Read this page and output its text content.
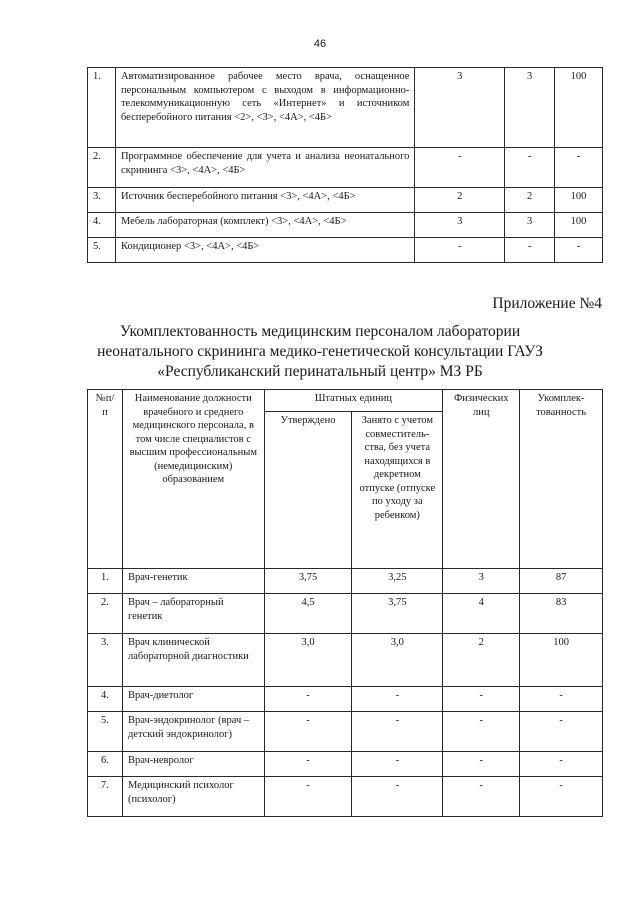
46
1.	Автоматизированное рабочее место врача, оснащенное персональным компьютером с выходом в информационно-телекоммуникационную сеть «Интернет» и источником бесперебойного питания <2>, <3>, <4А>, <4Б>	3	3	100
2.	Программное обеспечение для учета и анализа неонатального скрининга <3>, <4А>, <4Б>	-	-	-
3.	Источник бесперебойного питания <3>, <4А>, <4Б>	2	2	100
4.	Мебель лабораторная (комплект) <3>, <4А>, <4Б>	3	3	100
5.	Кондиционер <3>, <4А>, <4Б>	-	-	-
Приложение №4
Укомплектованность медицинским персоналом лаборатории
неонатального скрининга медико-генетической консультации ГАУЗ
«Республиканский перинатальный центр» МЗ РБ
№п/п	Наименование должности врачебного и среднего медицинского персонала, в том числе специалистов с высшим профессиональным (немедицинским) образованием	Штатных единиц		Физических лиц	Укомплек-тованность
		Утверждено	Занято с учетом совместитель-ства, без учета находящихся в декретном отпуске (отпуске по уходу за ребенком)		
1.	Врач-генетик	3,75	3,25	3	87
2.	Врач – лабораторный генетик	4,5	3,75	4	83
3.	Врач клинической лабораторной диагностики	3,0	3,0	2	100
4.	Врач-диетолог	-	-	-	-
5.	Врач-эндокринолог (врач – детский эндокринолог)	-	-	-	-
6.	Врач-невролог	-	-	-	-
7.	Медицинский психолог (психолог)	-	-	-	-
